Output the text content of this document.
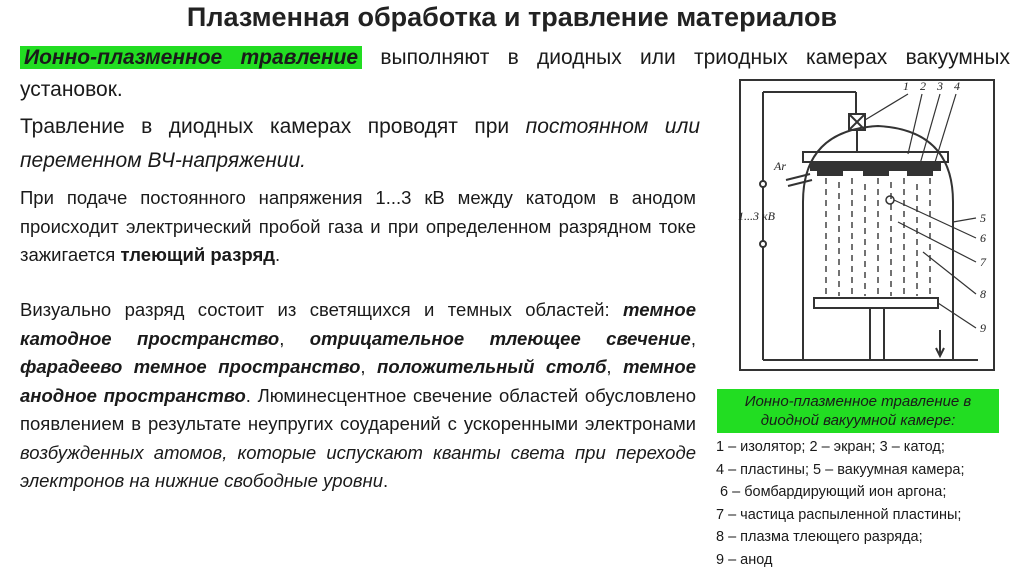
Плазменная обработка и травление материалов

Ионно-плазменное травление выполняют в диодных или триодных камерах вакуумных установок.

Травление в диодных камерах проводят при постоянном или переменном ВЧ-напряжении.

При подаче постоянного напряжения 1...3 кВ между катодом в анодом происходит электрический пробой газа и при определенном разрядном токе зажигается тлеющий разряд.

Визуально разряд состоит из светящихся и темных областей: темное катодное пространство, отрицательное тлеющее свечение, фарадеево темное пространство, положительный столб, темное анодное пространство. Люминесцентное свечение областей обусловлено появлением в результате неупругих соударений с ускоренными электронами возбужденных атомов, которые испускают кванты света при переходе электронов на нижние свободные уровни.

Ar
1...3 кВ
1 2 3 4
5
6
7
8
9
Ионно-плазменное травление в диодной вакуумной камере:
1 – изолятор; 2 – экран; 3 – катод;
4 – пластины; 5 – вакуумная камера;
6 – бомбардирующий ион аргона;
7 – частица распыленной пластины;
8 – плазма тлеющего разряда;
9 – анод
